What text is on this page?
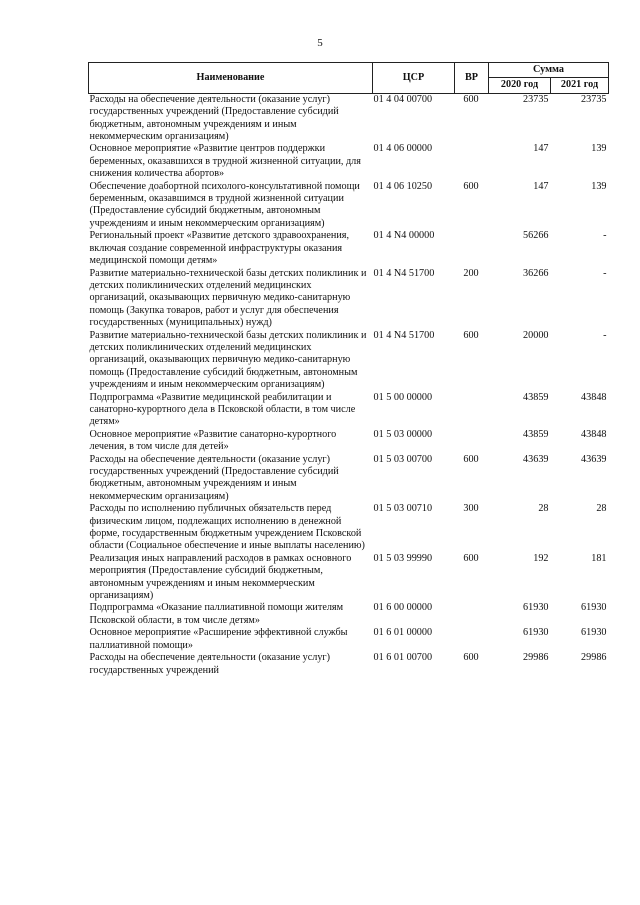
5
Наименование	ЦСР	ВР	Сумма	
			2020 год	2021 год
Расходы на обеспечение деятельности (оказание услуг) государственных учреждений (Предоставление субсидий бюджетным, автономным учреждениям и иным некоммерческим организациям)	01 4 04 00700	600	23735	23735
Основное мероприятие «Развитие центров поддержки беременных, оказавшихся в трудной жизненной ситуации, для снижения количества абортов»	01 4 06 00000		147	139
Обеспечение доабортной психолого-консультативной помощи беременным, оказавшимся в трудной жизненной ситуации (Предоставление субсидий бюджетным, автономным учреждениям и иным некоммерческим организациям)	01 4 06 10250	600	147	139
Региональный проект «Развитие детского здравоохранения, включая создание современной инфраструктуры оказания медицинской помощи детям»	01 4 N4 00000		56266	-
Развитие материально-технической базы детских поликлиник и детских поликлинических отделений медицинских организаций, оказывающих первичную медико-санитарную помощь (Закупка товаров, работ и услуг для обеспечения государственных (муниципальных) нужд)	01 4 N4 51700	200	36266	-
Развитие материально-технической базы детских поликлиник и детских поликлинических отделений медицинских организаций, оказывающих первичную медико-санитарную помощь (Предоставление субсидий бюджетным, автономным учреждениям и иным некоммерческим организациям)	01 4 N4 51700	600	20000	-
Подпрограмма «Развитие медицинской реабилитации и санаторно-курортного дела в Псковской области, в том числе детям»	01 5 00 00000		43859	43848
Основное мероприятие «Развитие санаторно-курортного лечения, в том числе для детей»	01 5 03 00000		43859	43848
Расходы на обеспечение деятельности (оказание услуг) государственных учреждений (Предоставление субсидий бюджетным, автономным учреждениям и иным некоммерческим организациям)	01 5 03 00700	600	43639	43639
Расходы по исполнению публичных обязательств перед физическим лицом, подлежащих исполнению в денежной форме, государственным бюджетным учреждением Псковской области (Социальное обеспечение и иные выплаты населению)	01 5 03 00710	300	28	28
Реализация иных направлений расходов в рамках основного мероприятия (Предоставление субсидий бюджетным, автономным учреждениям и иным некоммерческим организациям)	01 5 03 99990	600	192	181
Подпрограмма «Оказание паллиативной помощи жителям Псковской области, в том числе детям»	01 6 00 00000		61930	61930
Основное мероприятие «Расширение эффективной службы паллиативной помощи»	01 6 01 00000		61930	61930
Расходы на обеспечение деятельности (оказание услуг) государственных учреждений	01 6 01 00700	600	29986	29986
